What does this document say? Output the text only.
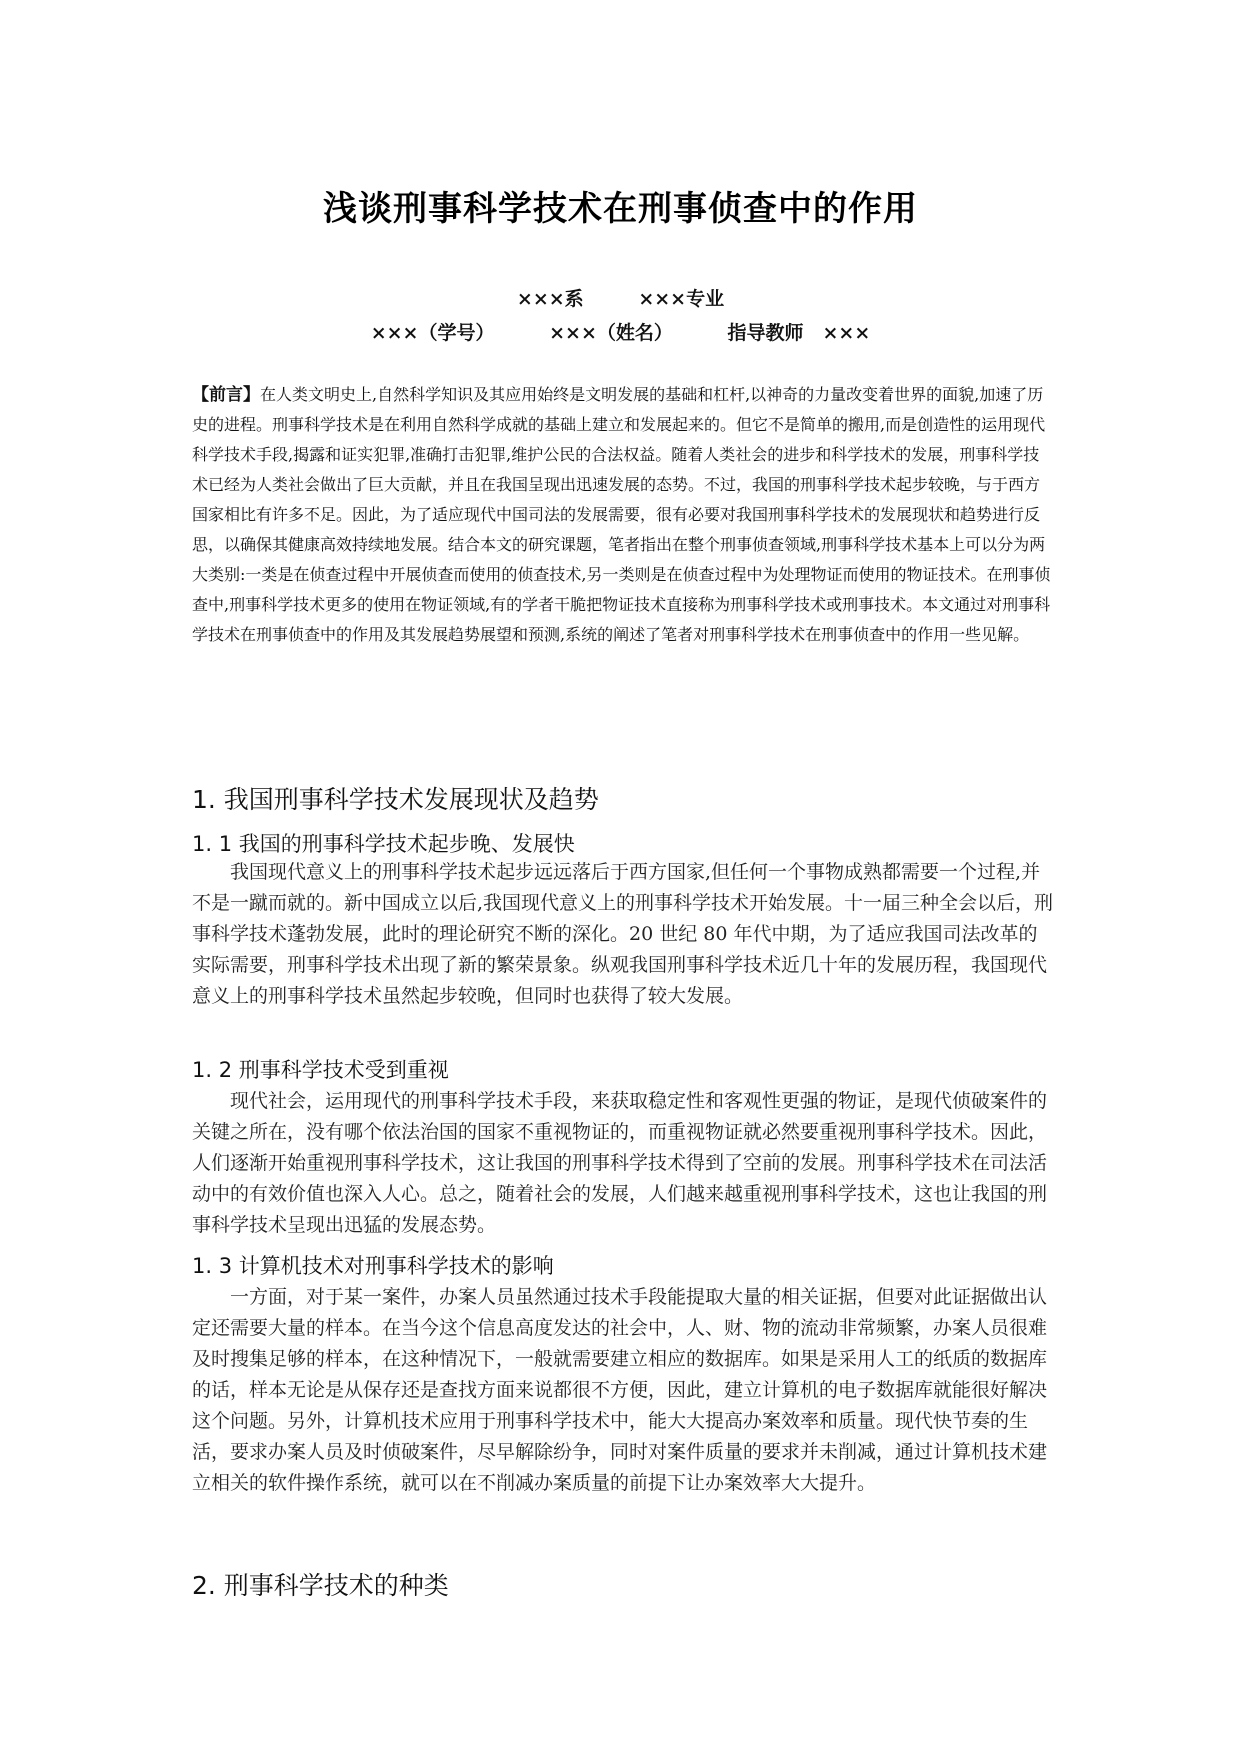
浅谈刑事科学技术在刑事侦查中的作用
×××系	×××专业
×××（学号）	×××（姓名）	指导教师　×××

【前言】在人类文明史上,自然科学知识及其应用始终是文明发展的基础和杠杆,以神奇的力量改变着世界的面貌,加速了历史的进程。刑事科学技术是在利用自然科学成就的基础上建立和发展起来的。但它不是简单的搬用,而是创造性的运用现代科学技术手段,揭露和证实犯罪,准确打击犯罪,维护公民的合法权益。随着人类社会的进步和科学技术的发展，刑事科学技术已经为人类社会做出了巨大贡献，并且在我国呈现出迅速发展的态势。不过，我国的刑事科学技术起步较晚，与于西方国家相比有许多不足。因此，为了适应现代中国司法的发展需要，很有必要对我国刑事科学技术的发展现状和趋势进行反思，以确保其健康高效持续地发展。结合本文的研究课题，笔者指出在整个刑事侦查领域,刑事科学技术基本上可以分为两大类别:一类是在侦查过程中开展侦查而使用的侦查技术,另一类则是在侦查过程中为处理物证而使用的物证技术。在刑事侦查中,刑事科学技术更多的使用在物证领域,有的学者干脆把物证技术直接称为刑事科学技术或刑事技术。本文通过对刑事科学技术在刑事侦查中的作用及其发展趋势展望和预测,系统的阐述了笔者对刑事科学技术在刑事侦查中的作用一些见解。

1. 我国刑事科学技术发展现状及趋势
1. 1 我国的刑事科学技术起步晚、发展快

我国现代意义上的刑事科学技术起步远远落后于西方国家,但任何一个事物成熟都需要一个过程,并不是一蹴而就的。新中国成立以后,我国现代意义上的刑事科学技术开始发展。十一届三种全会以后，刑事科学技术蓬勃发展，此时的理论研究不断的深化。20 世纪 80 年代中期，为了适应我国司法改革的实际需要，刑事科学技术出现了新的繁荣景象。纵观我国刑事科学技术近几十年的发展历程，我国现代意义上的刑事科学技术虽然起步较晚，但同时也获得了较大发展。

1. 2 刑事科学技术受到重视

现代社会，运用现代的刑事科学技术手段，来获取稳定性和客观性更强的物证，是现代侦破案件的关键之所在，没有哪个依法治国的国家不重视物证的，而重视物证就必然要重视刑事科学技术。因此，人们逐渐开始重视刑事科学技术，这让我国的刑事科学技术得到了空前的发展。刑事科学技术在司法活动中的有效价值也深入人心。总之，随着社会的发展，人们越来越重视刑事科学技术，这也让我国的刑事科学技术呈现出迅猛的发展态势。

1. 3 计算机技术对刑事科学技术的影响

一方面，对于某一案件，办案人员虽然通过技术手段能提取大量的相关证据，但要对此证据做出认定还需要大量的样本。在当今这个信息高度发达的社会中，人、财、物的流动非常频繁，办案人员很难及时搜集足够的样本，在这种情况下，一般就需要建立相应的数据库。如果是采用人工的纸质的数据库的话，样本无论是从保存还是查找方面来说都很不方便，因此，建立计算机的电子数据库就能很好解决这个问题。另外，计算机技术应用于刑事科学技术中，能大大提高办案效率和质量。现代快节奏的生活，要求办案人员及时侦破案件，尽早解除纷争，同时对案件质量的要求并未削减，通过计算机技术建立相关的软件操作系统，就可以在不削减办案质量的前提下让办案效率大大提升。

2. 刑事科学技术的种类
